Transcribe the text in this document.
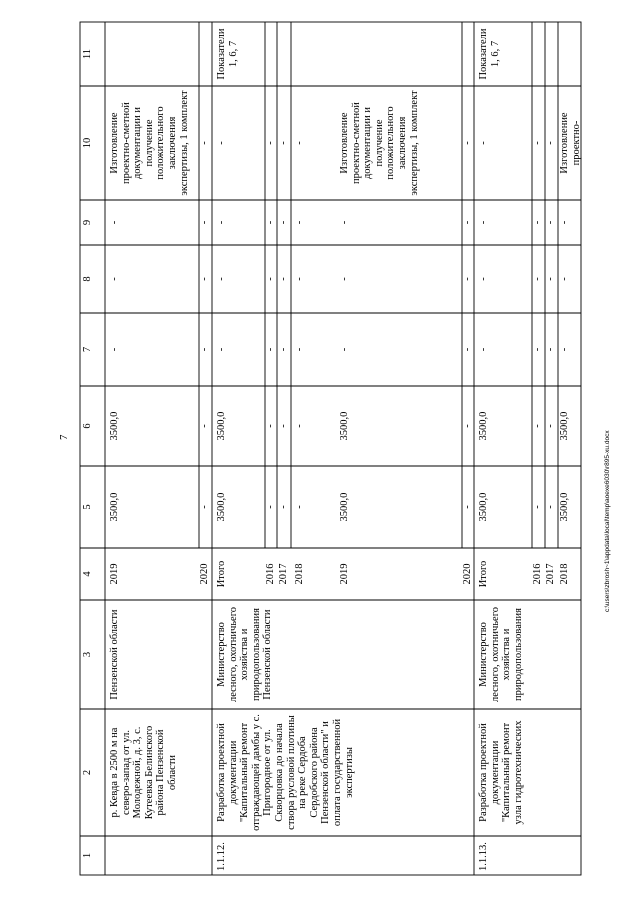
7	c:\users\zbrosh~1\appdata\local\temp\aoexe6030\r895-xu.docx
1
2
3
4
5
6
7
8
9
10
11
р. Кевда в 2500 м на северо-запад от ул. Молодежной, д. 3, с. Кутеевка Белинского района Пензенской области
Пензенской области
2019
3500,0
3500,0
-
-
-
Изготовление проектно-сметной документации и получение положительного заключения экспертизы, 1 комплект
2020
-
-
-
-
-
-
1.1.12.
Разработка проектной документации "Капитальный ремонт отграждающей дамбы у с. Пригородное от ул. Скворцовка до начала створа русловой плотины на реке Сердоба Сердобского района Пензенской области" и оплата государственной экспертизы
Министерство лесного, охотничьего хозяйства и природопользования Пензенской области
Показатели 1, 6, 7
Итого
3500,0
3500,0
-
-
-
-
2016
-
-
-
-
-
-
2017
-
-
-
-
-
-
2018
-
-
-
-
-
-
2019
3500,0
3500,0
-
-
-
Изготовление проектно-сметной документации и получение положительного заключения экспертизы, 1 комплект
2020
-
-
-
-
-
-
1.1.13.
Разработка проектной документации "Капитальный ремонт узла гидротехнических
Министерство лесного, охотничьего хозяйства и природопользования
Показатели 1, 6, 7
Итого
3500,0
3500,0
-
-
-
-
2016
-
-
-
-
-
-
2017
-
-
-
-
-
-
2018
3500,0
3500,0
-
-
-
Изготовление проектно-
